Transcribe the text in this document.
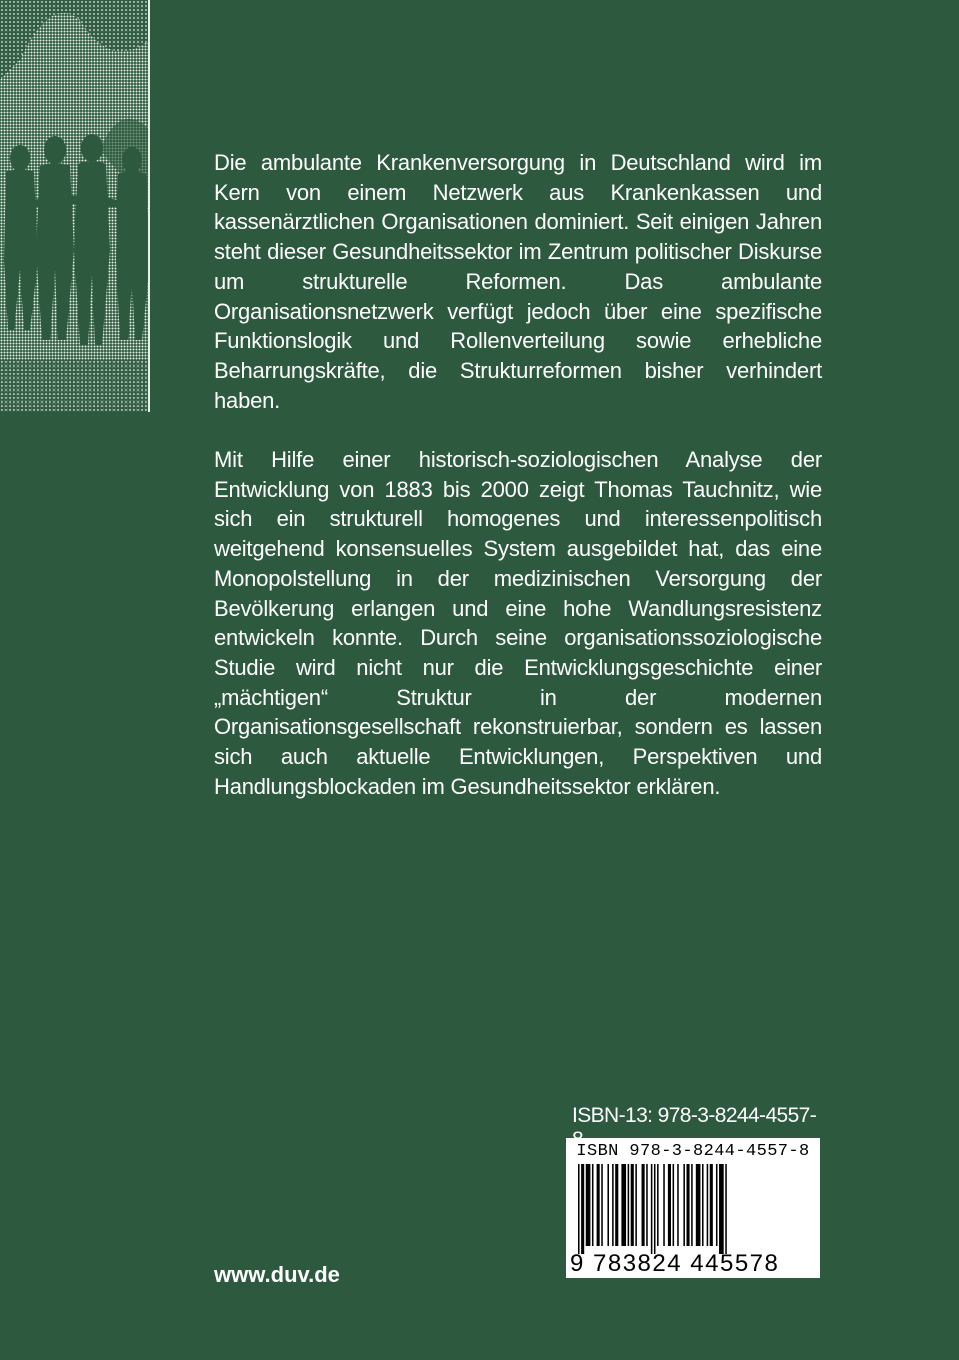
Die ambulante Krankenversorgung in Deutschland wird im Kern von einem Netzwerk aus Krankenkassen und kassenärztlichen Organisationen dominiert. Seit einigen Jahren steht dieser Gesundheitssektor im Zentrum politischer Diskurse um strukturelle Reformen. Das ambulante Organisationsnetzwerk verfügt jedoch über eine spezifische Funktionslogik und Rollenverteilung sowie erhebliche Beharrungskräfte, die Strukturreformen bisher verhindert haben.

Mit Hilfe einer historisch-soziologischen Analyse der Entwicklung von 1883 bis 2000 zeigt Thomas Tauchnitz, wie sich ein strukturell homogenes und interessenpolitisch weitgehend konsensuelles System ausgebildet hat, das eine Monopolstellung in der medizinischen Versorgung der Bevölkerung erlangen und eine hohe Wandlungsresistenz entwickeln konnte. Durch seine organisationssoziologische Studie wird nicht nur die Entwicklungsgeschichte einer „mächtigen“ Struktur in der modernen Organisationsgesellschaft rekonstruierbar, sondern es lassen sich auch aktuelle Entwicklungen, Perspektiven und Handlungsblockaden im Gesundheitssektor erklären.

ISBN-13: 978-3-8244-4557-
ISBN 978-3-8244-4557-8
9 783824 445578
www.duv.de
